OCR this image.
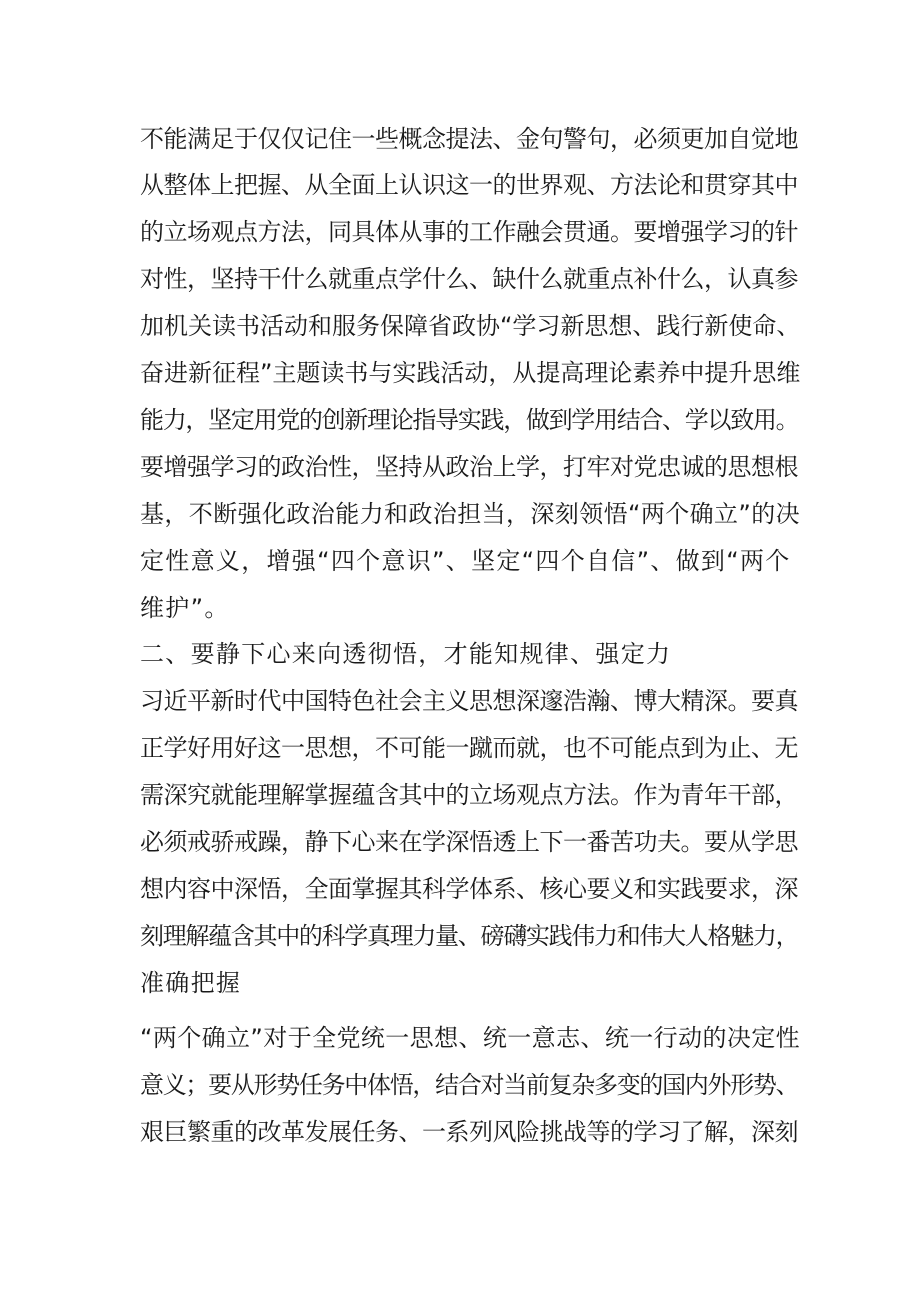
不能满足于仅仅记住一些概念提法、金句警句，必须更加自觉地
从整体上把握、从全面上认识这一的世界观、方法论和贯穿其中
的立场观点方法，同具体从事的工作融会贯通。要增强学习的针
对性，坚持干什么就重点学什么、缺什么就重点补什么，认真参
加机关读书活动和服务保障省政协“学习新思想、践行新使命、
奋进新征程”主题读书与实践活动，从提高理论素养中提升思维
能力，坚定用党的创新理论指导实践，做到学用结合、学以致用。
要增强学习的政治性，坚持从政治上学，打牢对党忠诚的思想根
基，不断强化政治能力和政治担当，深刻领悟“两个确立”的决
定性意义，增强“四个意识”、坚定“四个自信”、做到“两个
维护”。
二、要静下心来向透彻悟，才能知规律、强定力
习近平新时代中国特色社会主义思想深邃浩瀚、博大精深。要真
正学好用好这一思想，不可能一蹴而就，也不可能点到为止、无
需深究就能理解掌握蕴含其中的立场观点方法。作为青年干部，
必须戒骄戒躁，静下心来在学深悟透上下一番苦功夫。要从学思
想内容中深悟，全面掌握其科学体系、核心要义和实践要求，深
刻理解蕴含其中的科学真理力量、磅礴实践伟力和伟大人格魅力，
准确把握
“两个确立”对于全党统一思想、统一意志、统一行动的决定性
意义；要从形势任务中体悟，结合对当前复杂多变的国内外形势、
艰巨繁重的改革发展任务、一系列风险挑战等的学习了解，深刻
